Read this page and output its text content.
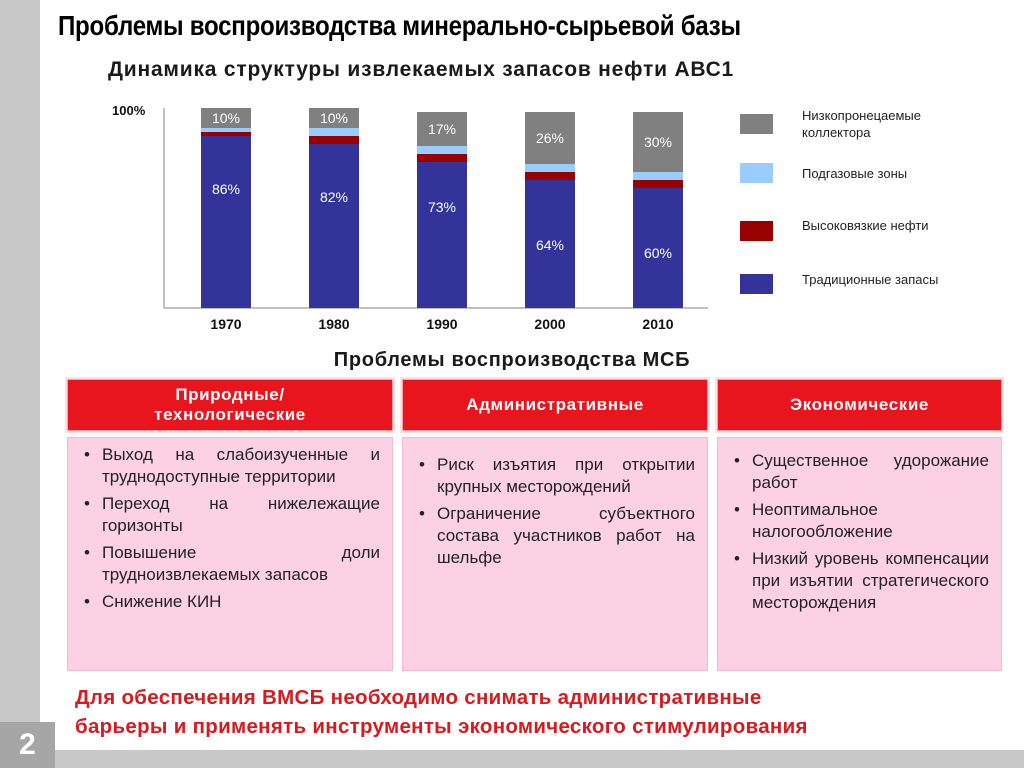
2
Проблемы воспроизводства минерально-сырьевой базы
Динамика структуры извлекаемых запасов нефти АВС1
100%
86%
10%
82%
10%
73%
17%
64%
26%
60%
30%
1970	1980	1990	2000	2010
Низкопронецаемые коллектора
Подгазовые зоны
Высоковязкие нефти
Традиционные запасы
Проблемы воспроизводства МСБ
Природные/ технологические
Административные	Экономические
• Выход на слабоизученные и труднодоступные территории
• Переход на нижележащие горизонты
• Повышение доли трудноизвлекаемых запасов
• Снижение КИН
• Риск изъятия при открытии крупных месторождений
• Ограничение субъектного состава участников работ на шельфе
• Существенное удорожание работ
• Неоптимальное налогообложение
• Низкий уровень компенсации при изъятии стратегического месторождения
Для обеспечения ВМСБ необходимо снимать административные
барьеры и применять инструменты экономического стимулирования
